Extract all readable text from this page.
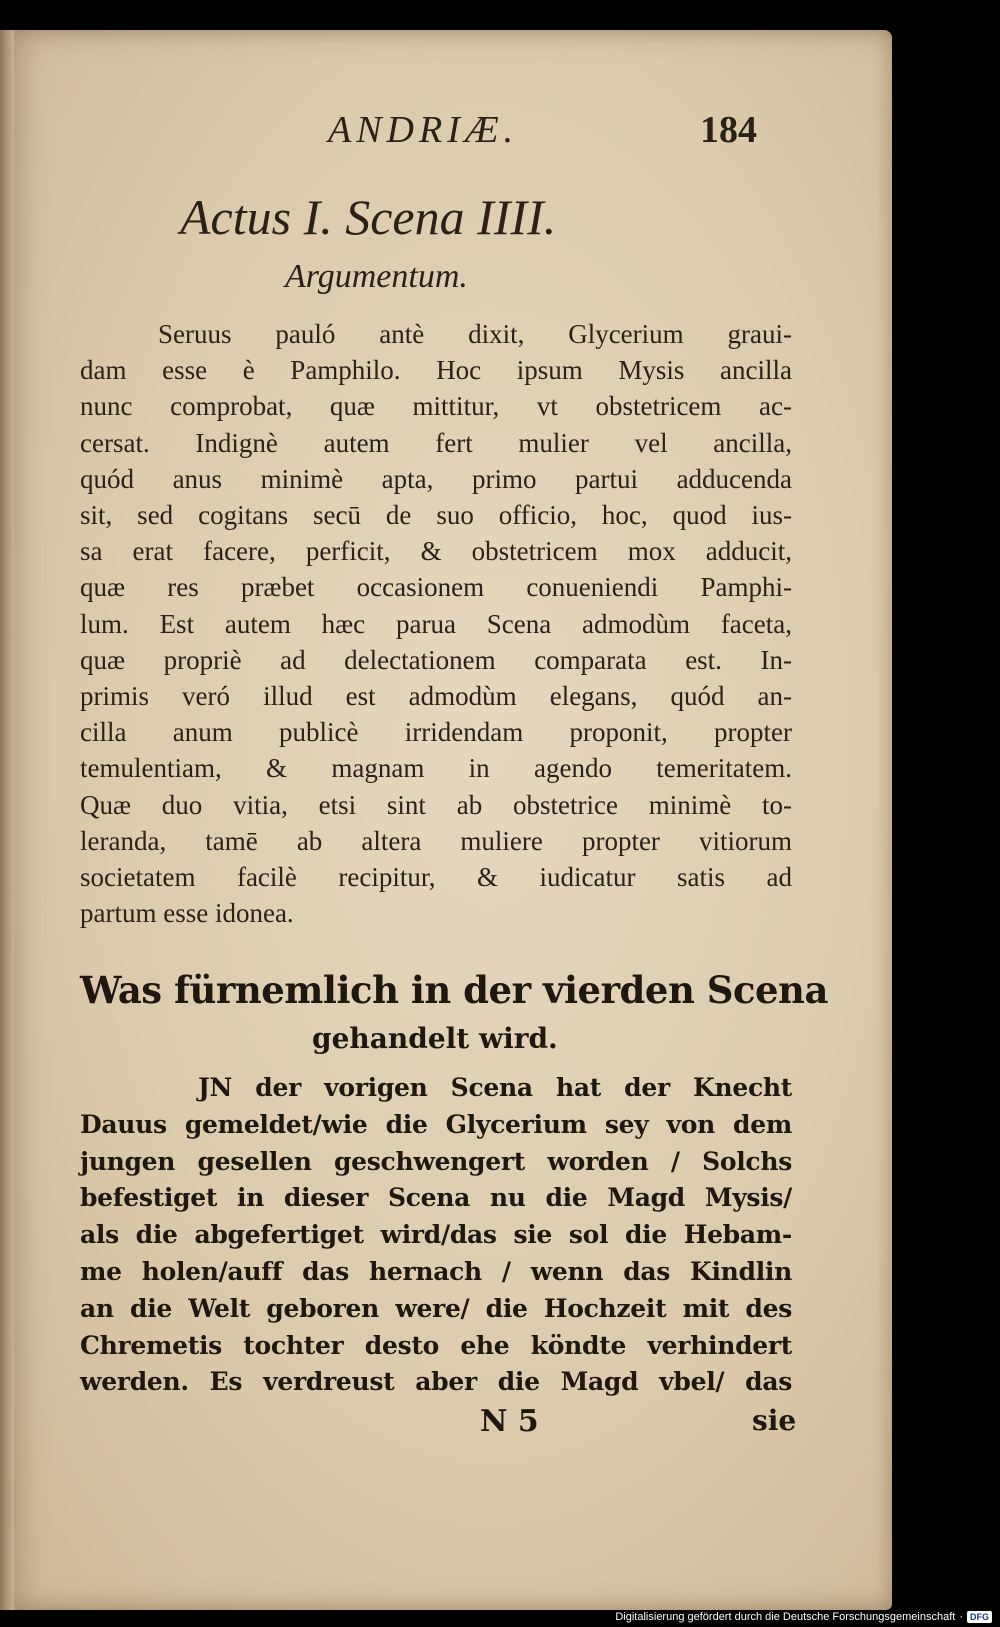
ANDRIÆ.	184
Actus I. Scena IIII.
Argumentum.
Seruus pauló antè dixit, Glycerium graui-
dam esse è Pamphilo. Hoc ipsum Mysis ancilla
nunc comprobat, quæ mittitur, vt obstetricem ac-
cersat. Indignè autem fert mulier vel ancilla,
quód anus minimè apta, primo partui adducenda
sit, sed cogitans secū de suo officio, hoc, quod ius-
sa erat facere, perficit, & obstetricem mox adducit,
quæ res præbet occasionem conueniendi Pamphi-
lum. Est autem hæc parua Scena admodùm faceta,
quæ propriè ad delectationem comparata est. In-
primis veró illud est admodùm elegans, quód an-
cilla anum publicè irridendam proponit, propter
temulentiam, & magnam in agendo temeritatem.
Quæ duo vitia, etsi sint ab obstetrice minimè to-
leranda, tamē ab altera muliere propter vitiorum
societatem facilè recipitur, & iudicatur satis ad
partum esse idonea.
Was fürnemlich in der vierden Scena
gehandelt wird.
JN der vorigen Scena hat der Knecht
Dauus gemeldet/wie die Glycerium sey von dem
jungen gesellen geschwengert worden / Solchs
befestiget in dieser Scena nu die Magd Mysis/
als die abgefertiget wird/das sie sol die Hebam-
me holen/auff das hernach / wenn das Kindlin
an die Welt geboren were/ die Hochzeit mit des
Chremetis tochter desto ehe köndte verhindert
werden. Es verdreust aber die Magd vbel/ das
N 5	sie
Digitalisierung gefördert durch die Deutsche Forschungsgemeinschaft · DFG
